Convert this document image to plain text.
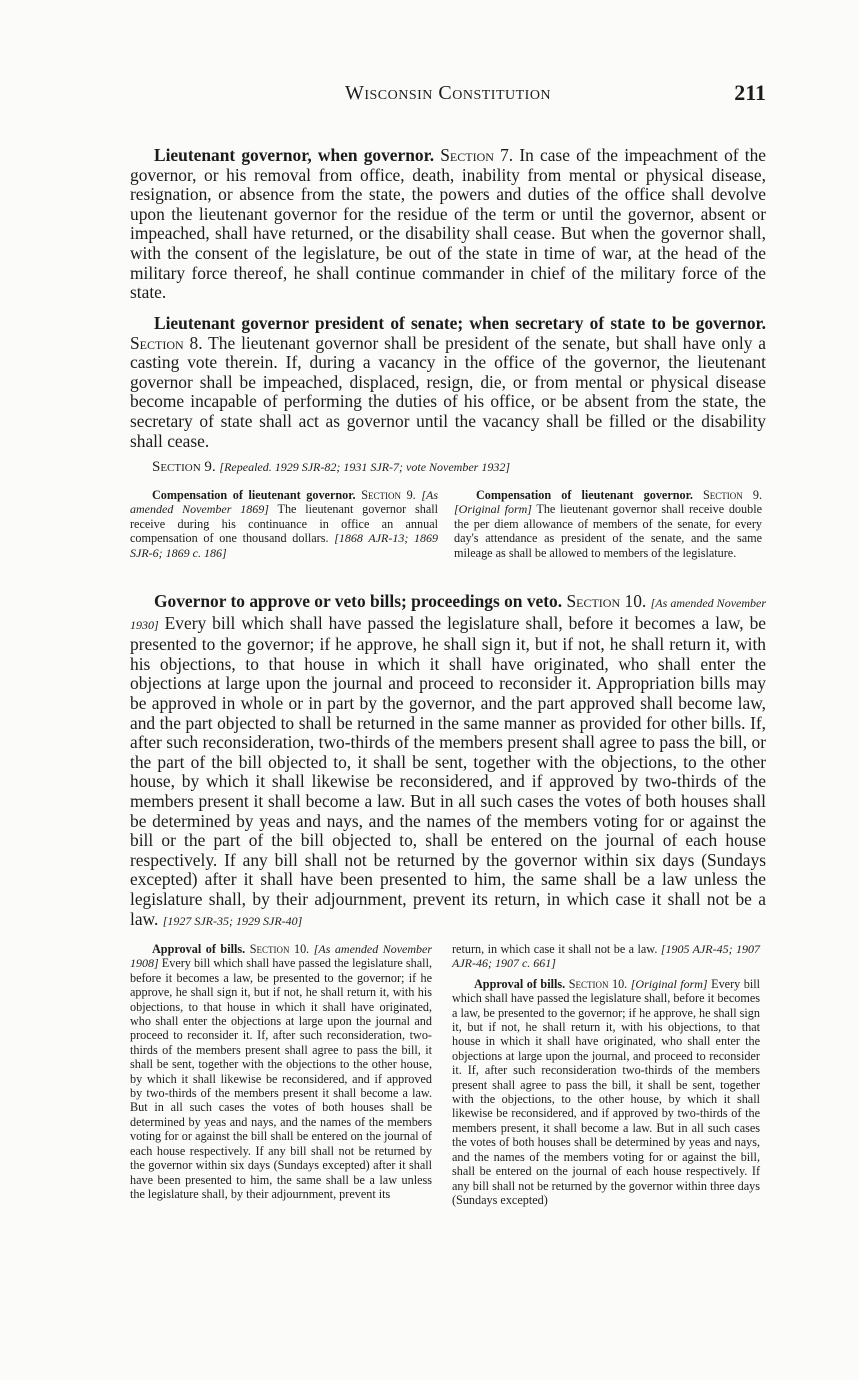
Wisconsin Constitution	211

Lieutenant governor, when governor. Section 7. In case of the impeachment of the governor, or his removal from office, death, inability from mental or physical disease, resignation, or absence from the state, the powers and duties of the office shall devolve upon the lieutenant governor for the residue of the term or until the governor, absent or impeached, shall have returned, or the disability shall cease. But when the governor shall, with the consent of the legislature, be out of the state in time of war, at the head of the military force thereof, he shall continue commander in chief of the military force of the state.

Lieutenant governor president of senate; when secretary of state to be governor. Section 8. The lieutenant governor shall be president of the senate, but shall have only a casting vote therein. If, during a vacancy in the office of the governor, the lieutenant governor shall be impeached, displaced, resign, die, or from mental or physical disease become incapable of performing the duties of his office, or be absent from the state, the secretary of state shall act as governor until the vacancy shall be filled or the disability shall cease.

Section 9. [Repealed. 1929 SJR-82; 1931 SJR-7; vote November 1932]

Compensation of lieutenant governor. Section 9. [As amended November 1869] The lieutenant governor shall receive during his continuance in office an annual compensation of one thousand dollars. [1868 AJR-13; 1869 SJR-6; 1869 c. 186]

Compensation of lieutenant governor. Section 9. [Original form] The lieutenant governor shall receive double the per diem allowance of members of the senate, for every day's attendance as president of the senate, and the same mileage as shall be allowed to members of the legislature.

Governor to approve or veto bills; proceedings on veto. Section 10. [As amended November 1930] Every bill which shall have passed the legislature shall, before it becomes a law, be presented to the governor; if he approve, he shall sign it, but if not, he shall return it, with his objections, to that house in which it shall have originated, who shall enter the objections at large upon the journal and proceed to reconsider it. Appropriation bills may be approved in whole or in part by the governor, and the part approved shall become law, and the part objected to shall be returned in the same manner as provided for other bills. If, after such reconsideration, two-thirds of the members present shall agree to pass the bill, or the part of the bill objected to, it shall be sent, together with the objections, to the other house, by which it shall likewise be reconsidered, and if approved by two-thirds of the members present it shall become a law. But in all such cases the votes of both houses shall be determined by yeas and nays, and the names of the members voting for or against the bill or the part of the bill objected to, shall be entered on the journal of each house respectively. If any bill shall not be returned by the governor within six days (Sundays excepted) after it shall have been presented to him, the same shall be a law unless the legislature shall, by their adjournment, prevent its return, in which case it shall not be a law. [1927 SJR-35; 1929 SJR-40]

Approval of bills. Section 10. [As amended November 1908] Every bill which shall have passed the legislature shall, before it becomes a law, be presented to the governor; if he approve, he shall sign it, but if not, he shall return it, with his objections, to that house in which it shall have originated, who shall enter the objections at large upon the journal and proceed to reconsider it. If, after such reconsideration, two-thirds of the members present shall agree to pass the bill, it shall be sent, together with the objections to the other house, by which it shall likewise be reconsidered, and if approved by two-thirds of the members present it shall become a law. But in all such cases the votes of both houses shall be determined by yeas and nays, and the names of the members voting for or against the bill shall be entered on the journal of each house respectively. If any bill shall not be returned by the governor within six days (Sundays excepted) after it shall have been presented to him, the same shall be a law unless the legislature shall, by their adjournment, prevent its

return, in which case it shall not be a law. [1905 AJR-45; 1907 AJR-46; 1907 c. 661]

Approval of bills. Section 10. [Original form] Every bill which shall have passed the legislature shall, before it becomes a law, be presented to the governor; if he approve, he shall sign it, but if not, he shall return it, with his objections, to that house in which it shall have originated, who shall enter the objections at large upon the journal, and proceed to reconsider it. If, after such reconsideration two-thirds of the members present shall agree to pass the bill, it shall be sent, together with the objections, to the other house, by which it shall likewise be reconsidered, and if approved by two-thirds of the members present, it shall become a law. But in all such cases the votes of both houses shall be determined by yeas and nays, and the names of the members voting for or against the bill, shall be entered on the journal of each house respectively. If any bill shall not be returned by the governor within three days (Sundays excepted)
